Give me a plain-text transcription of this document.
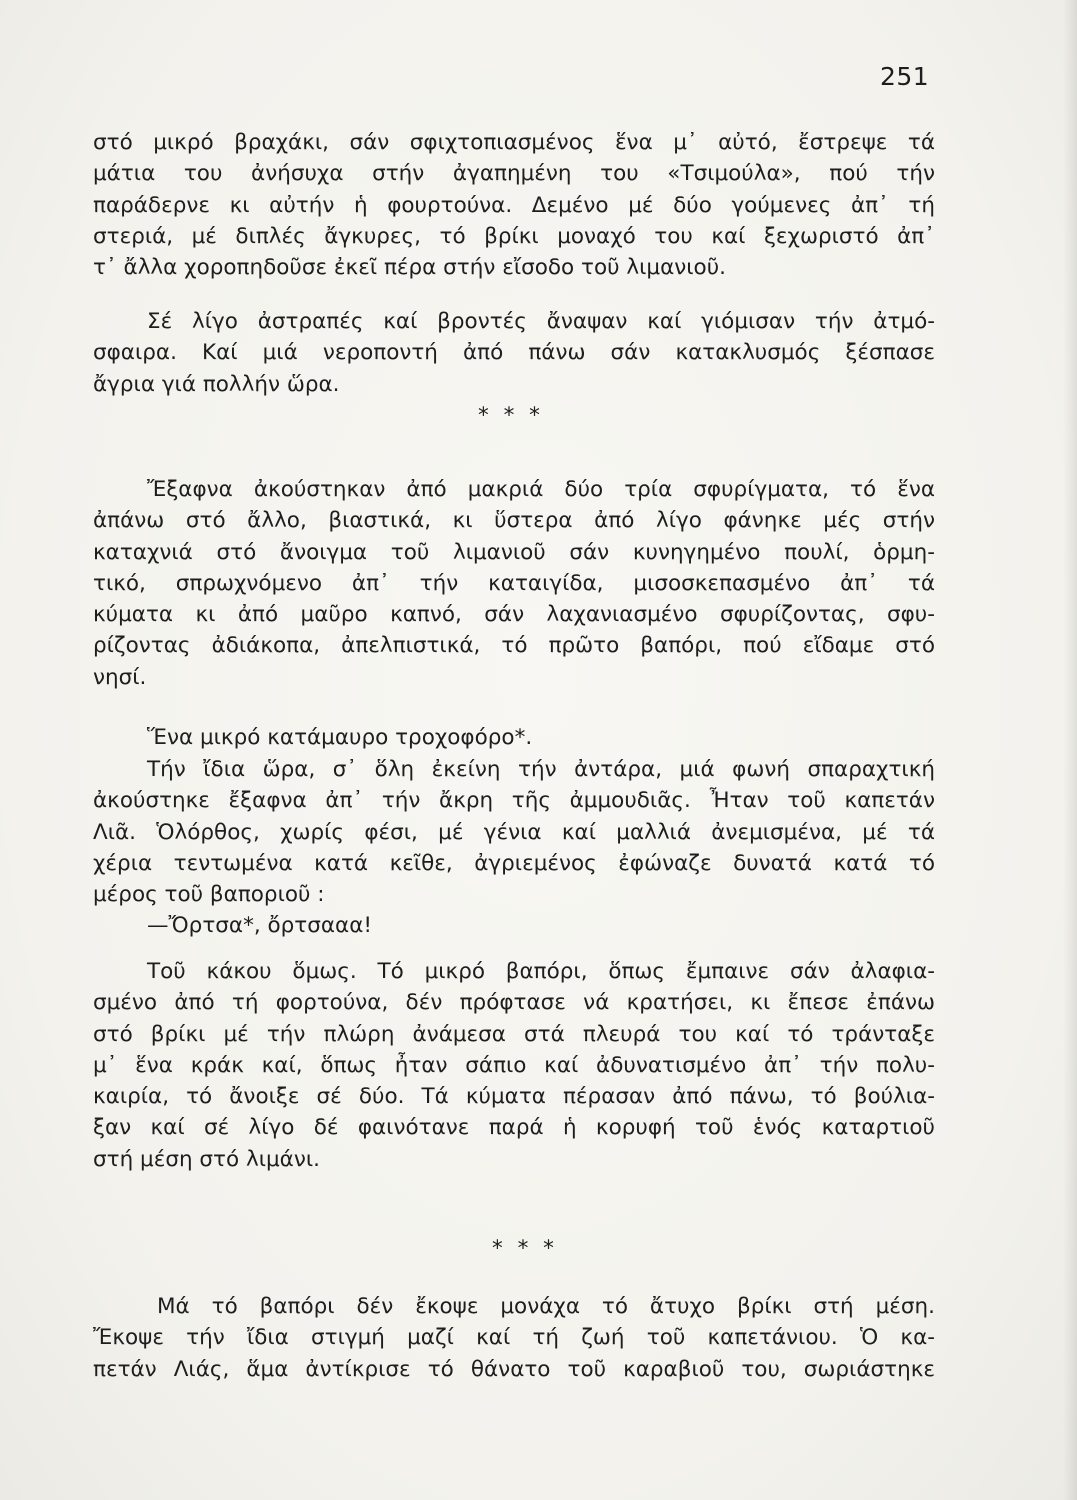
251
στό μικρό βραχάκι, σάν σφιχτοπιασμένος ἕνα μ᾽ αὐτό, ἔστρεψε τά
μάτια του ἀνήσυχα στήν ἀγαπημένη του «Τσιμούλα», πού τήν
παράδερνε κι αὐτήν ἡ φουρτούνα. Δεμένο μέ δύο γούμενες ἀπ᾽ τή
στεριά, μέ διπλές ἄγκυρες, τό βρίκι μοναχό του καί ξεχωριστό ἀπ᾽
τ᾽ ἄλλα χοροπηδοῦσε ἐκεῖ πέρα στήν εἴσοδο τοῦ λιμανιοῦ.
Σέ λίγο ἀστραπές καί βροντές ἄναψαν καί γιόμισαν τήν ἀτμό-
σφαιρα. Καί μιά νεροποντή ἀπό πάνω σάν κατακλυσμός ξέσπασε
ἄγρια γιά πολλήν ὥρα.
* * *
Ἔξαφνα ἀκούστηκαν ἀπό μακριά δύο τρία σφυρίγματα, τό ἕνα
ἀπάνω στό ἄλλο, βιαστικά, κι ὕστερα ἀπό λίγο φάνηκε μές στήν
καταχνιά στό ἄνοιγμα τοῦ λιμανιοῦ σάν κυνηγημένο πουλί, ὁρμη-
τικό, σπρωχνόμενο ἀπ᾽ τήν καταιγίδα, μισοσκεπασμένο ἀπ᾽ τά
κύματα κι ἀπό μαῦρο καπνό, σάν λαχανιασμένο σφυρίζοντας, σφυ-
ρίζοντας ἀδιάκοπα, ἀπελπιστικά, τό πρῶτο βαπόρι, πού εἴδαμε στό
νησί.
Ἕνα μικρό κατάμαυρο τροχοφόρο*.
Τήν ἴδια ὥρα, σ᾽ ὅλη ἐκείνη τήν ἀντάρα, μιά φωνή σπαραχτική
ἀκούστηκε ἔξαφνα ἀπ᾽ τήν ἄκρη τῆς ἀμμουδιᾶς. Ἦταν τοῦ καπετάν
Λιᾶ. Ὁλόρθος, χωρίς φέσι, μέ γένια καί μαλλιά ἀνεμισμένα, μέ τά
χέρια τεντωμένα κατά κεῖθε, ἀγριεμένος ἐφώναζε δυνατά κατά τό
μέρος τοῦ βαποριοῦ :
—Ὄρτσα*, ὄρτσααα!
Τοῦ κάκου ὅμως. Τό μικρό βαπόρι, ὅπως ἔμπαινε σάν ἀλαφια-
σμένο ἀπό τή φορτούνα, δέν πρόφτασε νά κρατήσει, κι ἔπεσε ἐπάνω
στό βρίκι μέ τήν πλώρη ἀνάμεσα στά πλευρά του καί τό τράνταξε
μ᾽ ἕνα κράκ καί, ὅπως ἦταν σάπιο καί ἀδυνατισμένο ἀπ᾽ τήν πολυ-
καιρία, τό ἄνοιξε σέ δύο. Τά κύματα πέρασαν ἀπό πάνω, τό βούλια-
ξαν καί σέ λίγο δέ φαινότανε παρά ἡ κορυφή τοῦ ἑνός καταρτιοῦ
στή μέση στό λιμάνι.
* * *
Μά τό βαπόρι δέν ἔκοψε μονάχα τό ἄτυχο βρίκι στή μέση.
Ἔκοψε τήν ἴδια στιγμή μαζί καί τή ζωή τοῦ καπετάνιου. Ὁ κα-
πετάν Λιάς, ἅμα ἀντίκρισε τό θάνατο τοῦ καραβιοῦ του, σωριάστηκε
